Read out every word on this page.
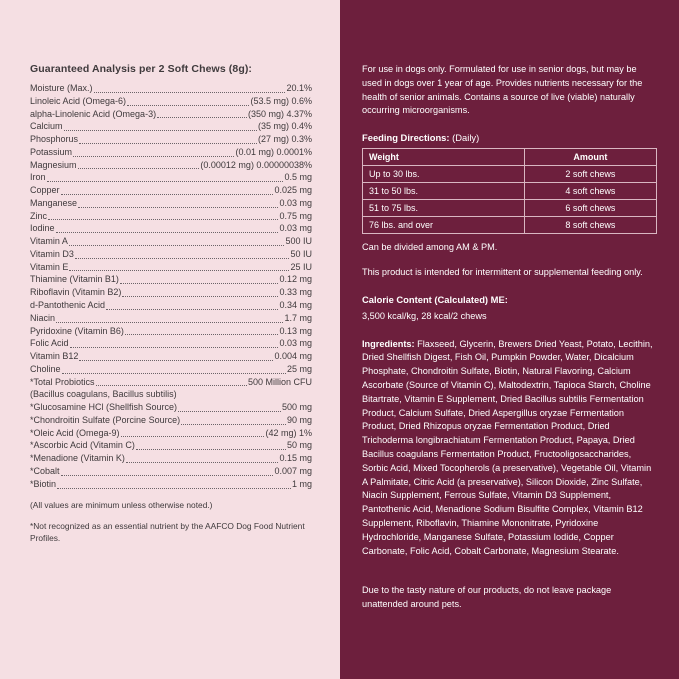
Guaranteed Analysis per 2 Soft Chews (8g):
Moisture (Max.)	20.1%
Linoleic Acid (Omega-6)	(53.5 mg) 0.6%
alpha-Linolenic Acid (Omega-3)	(350 mg) 4.37%
Calcium	(35 mg) 0.4%
Phosphorus	(27 mg) 0.3%
Potassium	(0.01 mg) 0.0001%
Magnesium	(0.00012 mg) 0.00000038%
Iron	0.5 mg
Copper	0.025 mg
Manganese	0.03 mg
Zinc	0.75 mg
Iodine	0.03 mg
Vitamin A	500 IU
Vitamin D3	50 IU
Vitamin E	25 IU
Thiamine (Vitamin B1)	0.12 mg
Riboflavin (Vitamin B2)	0.33 mg
d-Pantothenic Acid	0.34 mg
Niacin	1.7 mg
Pyridoxine (Vitamin B6)	0.13 mg
Folic Acid	0.03 mg
Vitamin B12	0.004 mg
Choline	25 mg
*Total Probiotics	500 Million CFU
(Bacillus coagulans, Bacillus subtilis)
*Glucosamine HCl (Shellfish Source)	500 mg
*Chondroitin Sulfate (Porcine Source)	90 mg
*Oleic Acid (Omega-9)	(42 mg) 1%
*Ascorbic Acid (Vitamin C)	50 mg
*Menadione (Vitamin K)	0.15 mg
*Cobalt	0.007 mg
*Biotin	1 mg
(All values are minimum unless otherwise noted.)
*Not recognized as an essential nutrient by the AAFCO Dog Food Nutrient Profiles.

For use in dogs only. Formulated for use in senior dogs, but may be used in dogs over 1 year of age. Provides nutrients necessary for the health of senior animals. Contains a source of live (viable) naturally occurring microorganisms.

Feeding Directions: (Daily)
Weight	Amount
Up to 30 lbs.	2 soft chews
31 to 50 lbs.	4 soft chews
51 to 75 lbs.	6 soft chews
76 lbs. and over	8 soft chews
Can be divided among AM & PM.
This product is intended for intermittent or supplemental feeding only.
Calorie Content (Calculated) ME:
3,500 kcal/kg, 28 kcal/2 chews
Ingredients: Flaxseed, Glycerin, Brewers Dried Yeast, Potato, Lecithin, Dried Shellfish Digest, Fish Oil, Pumpkin Powder, Water, Dicalcium Phosphate, Chondroitin Sulfate, Biotin, Natural Flavoring, Calcium Ascorbate (Source of Vitamin C), Maltodextrin, Tapioca Starch, Choline Bitartrate, Vitamin E Supplement, Dried Bacillus subtilis Fermentation Product, Calcium Sulfate, Dried Aspergillus oryzae Fermentation Product, Dried Rhizopus oryzae Fermentation Product, Dried Trichoderma longibrachiatum Fermentation Product, Papaya, Dried Bacillus coagulans Fermentation Product, Fructooligosaccharides, Sorbic Acid, Mixed Tocopherols (a preservative), Vegetable Oil, Vitamin A Palmitate, Citric Acid (a preservative), Silicon Dioxide, Zinc Sulfate, Niacin Supplement, Ferrous Sulfate, Vitamin D3 Supplement, Pantothenic Acid, Menadione Sodium Bisulfite Complex, Vitamin B12 Supplement, Riboflavin, Thiamine Mononitrate, Pyridoxine Hydrochloride, Manganese Sulfate, Potassium Iodide, Copper Carbonate, Folic Acid, Cobalt Carbonate, Magnesium Stearate.
Due to the tasty nature of our products, do not leave package unattended around pets.
